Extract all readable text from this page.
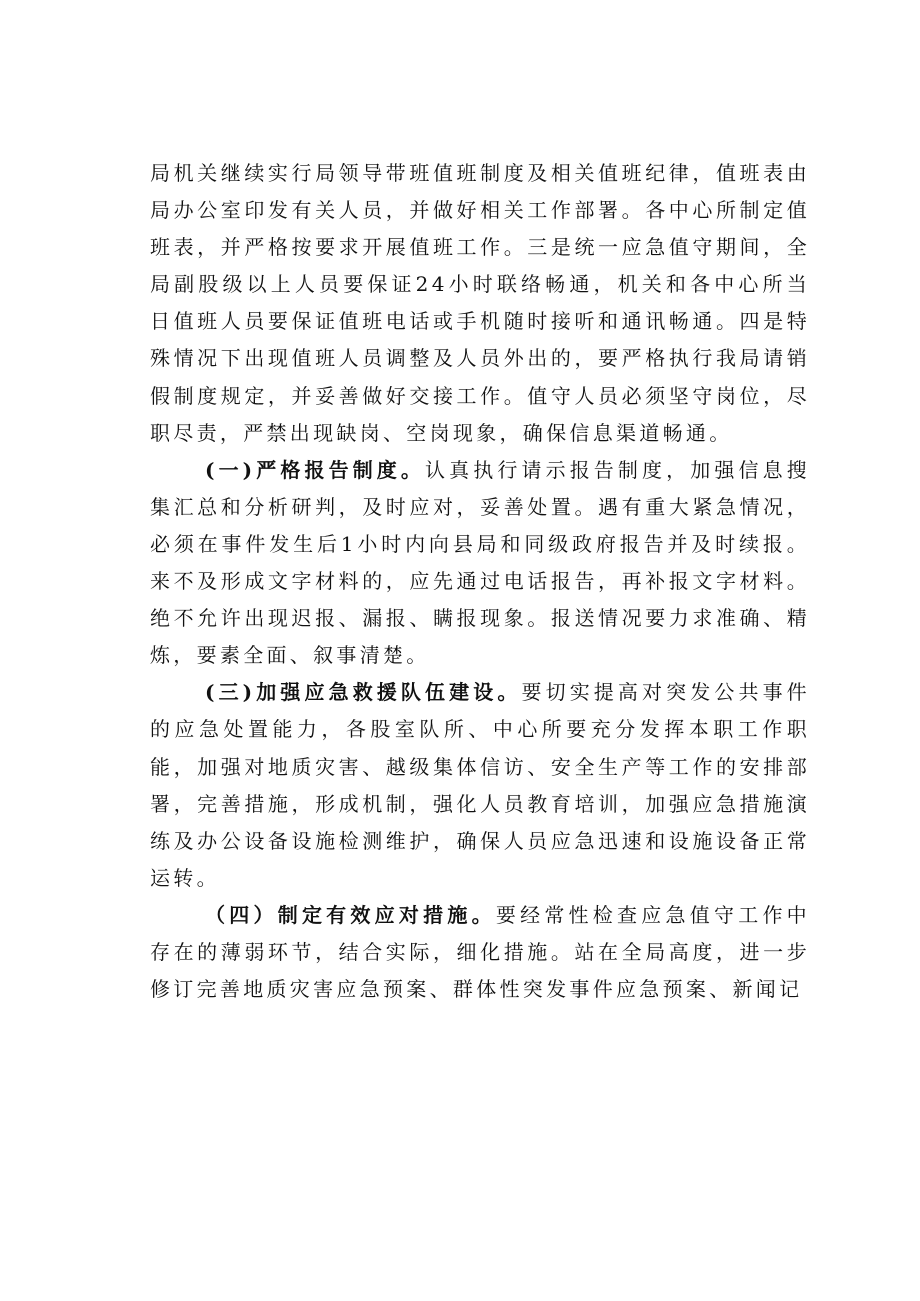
局机关继续实行局领导带班值班制度及相关值班纪律，值班表由局办公室印发有关人员，并做好相关工作部署。各中心所制定值班表，并严格按要求开展值班工作。三是统一应急值守期间，全局副股级以上人员要保证24小时联络畅通，机关和各中心所当日值班人员要保证值班电话或手机随时接听和通讯畅通。四是特殊情况下出现值班人员调整及人员外出的，要严格执行我局请销假制度规定，并妥善做好交接工作。值守人员必须坚守岗位，尽职尽责，严禁出现缺岗、空岗现象，确保信息渠道畅通。

(一)严格报告制度。认真执行请示报告制度，加强信息搜集汇总和分析研判，及时应对，妥善处置。遇有重大紧急情况，必须在事件发生后1小时内向县局和同级政府报告并及时续报。来不及形成文字材料的，应先通过电话报告，再补报文字材料。绝不允许出现迟报、漏报、瞒报现象。报送情况要力求准确、精炼，要素全面、叙事清楚。

(三)加强应急救援队伍建设。要切实提高对突发公共事件的应急处置能力，各股室队所、中心所要充分发挥本职工作职能，加强对地质灾害、越级集体信访、安全生产等工作的安排部署，完善措施，形成机制，强化人员教育培训，加强应急措施演练及办公设备设施检测维护，确保人员应急迅速和设施设备正常运转。

（四）制定有效应对措施。要经常性检查应急值守工作中存在的薄弱环节，结合实际，细化措施。站在全局高度，进一步修订完善地质灾害应急预案、群体性突发事件应急预案、新闻记
